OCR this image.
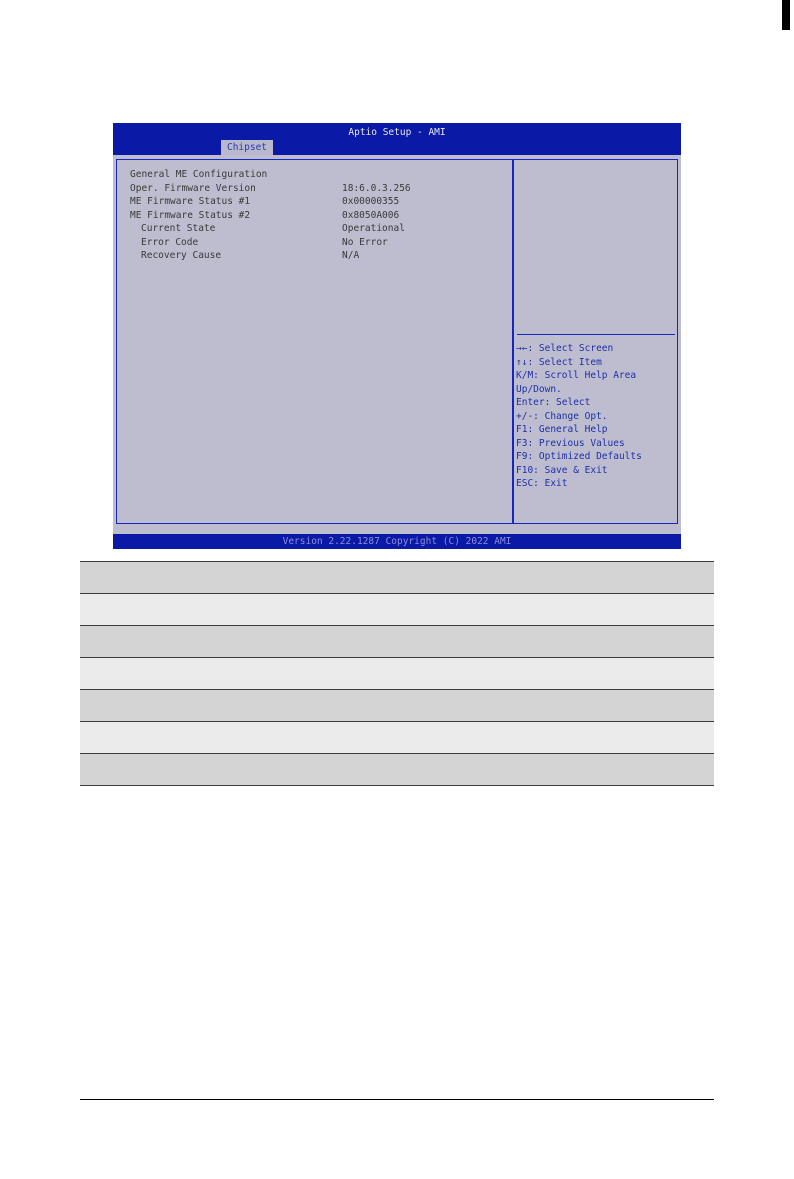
Aptio Setup - AMI
Chipset
General ME Configuration
Oper. Firmware Version	18:6.0.3.256
ME Firmware Status #1	0x00000355
ME Firmware Status #2	0x8050A006
Current State	Operational
Error Code	No Error
Recovery Cause	N/A
→←: Select Screen
↑↓: Select Item
K/M: Scroll Help Area
Up/Down.
Enter: Select
+/-: Change Opt.
F1: General Help
F3: Previous Values
F9: Optimized Defaults
F10: Save & Exit
ESC: Exit
Version 2.22.1287 Copyright (C) 2022 AMI
